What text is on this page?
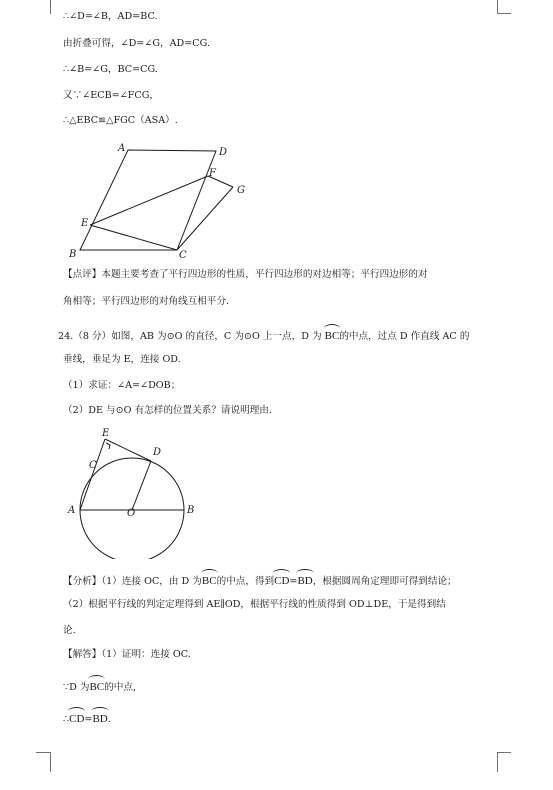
∴∠D=∠B，AD=BC.
由折叠可得，∠D=∠G，AD=CG.
∴∠B=∠G，BC=CG.
又∵∠ECB=∠FCG，
∴△EBC≌△FGC（ASA）.
A	D
F
G
E
B	C
【点评】本题主要考查了平行四边形的性质，平行四边形的对边相等；平行四边形的对
角相等；平行四边形的对角线互相平分.
24.（8 分）如图，AB 为⊙O 的直径，C 为⊙O 上一点，D 为 BC的中点，过点 D 作直线 AC 的
垂线，垂足为 E，连接 OD.
（1）求证：∠A=∠DOB；
（2）DE 与⊙O 有怎样的位置关系？请说明理由.
E
D
C
A	O	B
【分析】（1）连接 OC，由 D 为BC的中点，得到CD=BD，根据圆周角定理即可得到结论；
（2）根据平行线的判定定理得到 AE∥OD，根据平行线的性质得到 OD⊥DE，于是得到结
论.
【解答】（1）证明：连接 OC.
∵D 为BC的中点，
∴CD=BD.
